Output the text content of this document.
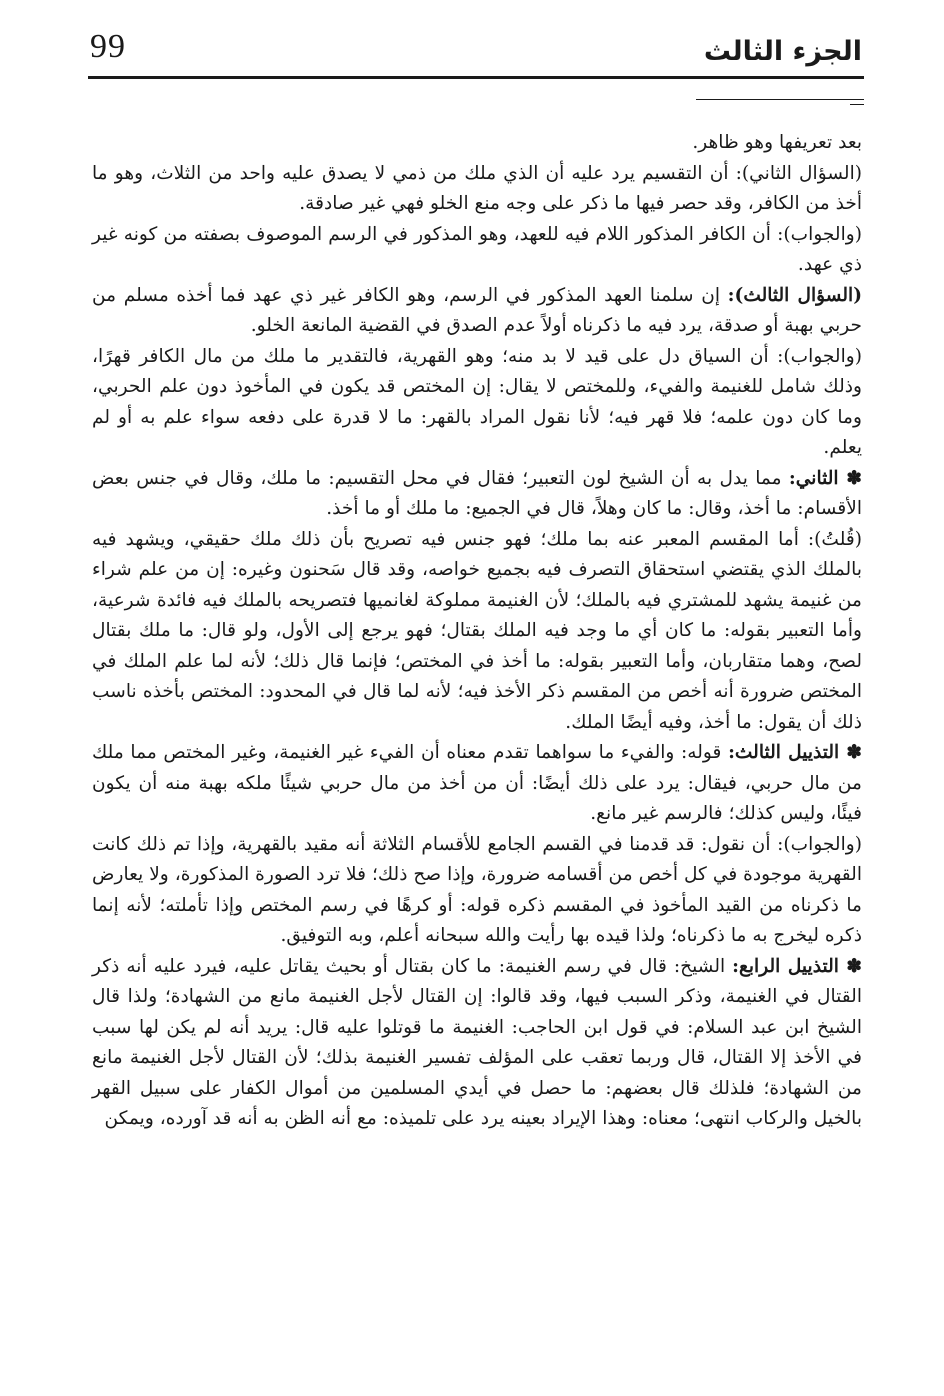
99	الجزء الثالث

بعد تعريفها وهو ظاهر.

(السؤال الثاني): أن التقسيم يرد عليه أن الذي ملك من ذمي لا يصدق عليه واحد من الثلاث، وهو ما أخذ من الكافر، وقد حصر فيها ما ذكر على وجه منع الخلو فهي غير صادقة.

(والجواب): أن الكافر المذكور اللام فيه للعهد، وهو المذكور في الرسم الموصوف بصفته من كونه غير ذي عهد.

(السؤال الثالث): إن سلمنا العهد المذكور في الرسم، وهو الكافر غير ذي عهد فما أخذه مسلم من حربي بهبة أو صدقة، يرد فيه ما ذكرناه أولاً عدم الصدق في القضية المانعة الخلو.

(والجواب): أن السياق دل على قيد لا بد منه؛ وهو القهرية، فالتقدير ما ملك من مال الكافر قهرًا، وذلك شامل للغنيمة والفيء، وللمختص لا يقال: إن المختص قد يكون في المأخوذ دون علم الحربي، وما كان دون علمه؛ فلا قهر فيه؛ لأنا نقول المراد بالقهر: ما لا قدرة على دفعه سواء علم به أو لم يعلم.

✽ الثاني: مما يدل به أن الشيخ لون التعبير؛ فقال في محل التقسيم: ما ملك، وقال في جنس بعض الأقسام: ما أخذ، وقال: ما كان وهلاً، قال في الجميع: ما ملك أو ما أخذ.

(قُلتُ): أما المقسم المعبر عنه بما ملك؛ فهو جنس فيه تصريح بأن ذلك ملك حقيقي، ويشهد فيه بالملك الذي يقتضي استحقاق التصرف فيه بجميع خواصه، وقد قال سَحنون وغيره: إن من علم شراء من غنيمة يشهد للمشتري فيه بالملك؛ لأن الغنيمة مملوكة لغانميها فتصريحه بالملك فيه فائدة شرعية، وأما التعبير بقوله: ما كان أي ما وجد فيه الملك بقتال؛ فهو يرجع إلى الأول، ولو قال: ما ملك بقتال لصح، وهما متقاربان، وأما التعبير بقوله: ما أخذ في المختص؛ فإنما قال ذلك؛ لأنه لما علم الملك في المختص ضرورة أنه أخص من المقسم ذكر الأخذ فيه؛ لأنه لما قال في المحدود: المختص بأخذه ناسب ذلك أن يقول: ما أخذ، وفيه أيضًا الملك.

✽ التذييل الثالث: قوله: والفيء ما سواهما تقدم معناه أن الفيء غير الغنيمة، وغير المختص مما ملك من مال حربي، فيقال: يرد على ذلك أيضًا: أن من أخذ من مال حربي شيئًا ملكه بهبة منه أن يكون فيئًا، وليس كذلك؛ فالرسم غير مانع.

(والجواب): أن نقول: قد قدمنا في القسم الجامع للأقسام الثلاثة أنه مقيد بالقهرية، وإذا تم ذلك كانت القهرية موجودة في كل أخص من أقسامه ضرورة، وإذا صح ذلك؛ فلا ترد الصورة المذكورة، ولا يعارض ما ذكرناه من القيد المأخوذ في المقسم ذكره قوله: أو كرهًا في رسم المختص وإذا تأملته؛ لأنه إنما ذكره ليخرج به ما ذكرناه؛ ولذا قيده بها رأيت والله سبحانه أعلم، وبه التوفيق.

✽ التذييل الرابع: الشيخ: قال في رسم الغنيمة: ما كان بقتال أو بحيث يقاتل عليه، فيرد عليه أنه ذكر القتال في الغنيمة، وذكر السبب فيها، وقد قالوا: إن القتال لأجل الغنيمة مانع من الشهادة؛ ولذا قال الشيخ ابن عبد السلام: في قول ابن الحاجب: الغنيمة ما قوتلوا عليه قال: يريد أنه لم يكن لها سبب في الأخذ إلا القتال، قال وربما تعقب على المؤلف تفسير الغنيمة بذلك؛ لأن القتال لأجل الغنيمة مانع من الشهادة؛ فلذلك قال بعضهم: ما حصل في أيدي المسلمين من أموال الكفار على سبيل القهر بالخيل والركاب انتهى؛ معناه: وهذا الإيراد بعينه يرد على تلميذه: مع أنه الظن به أنه قد آورده، ويمكن
